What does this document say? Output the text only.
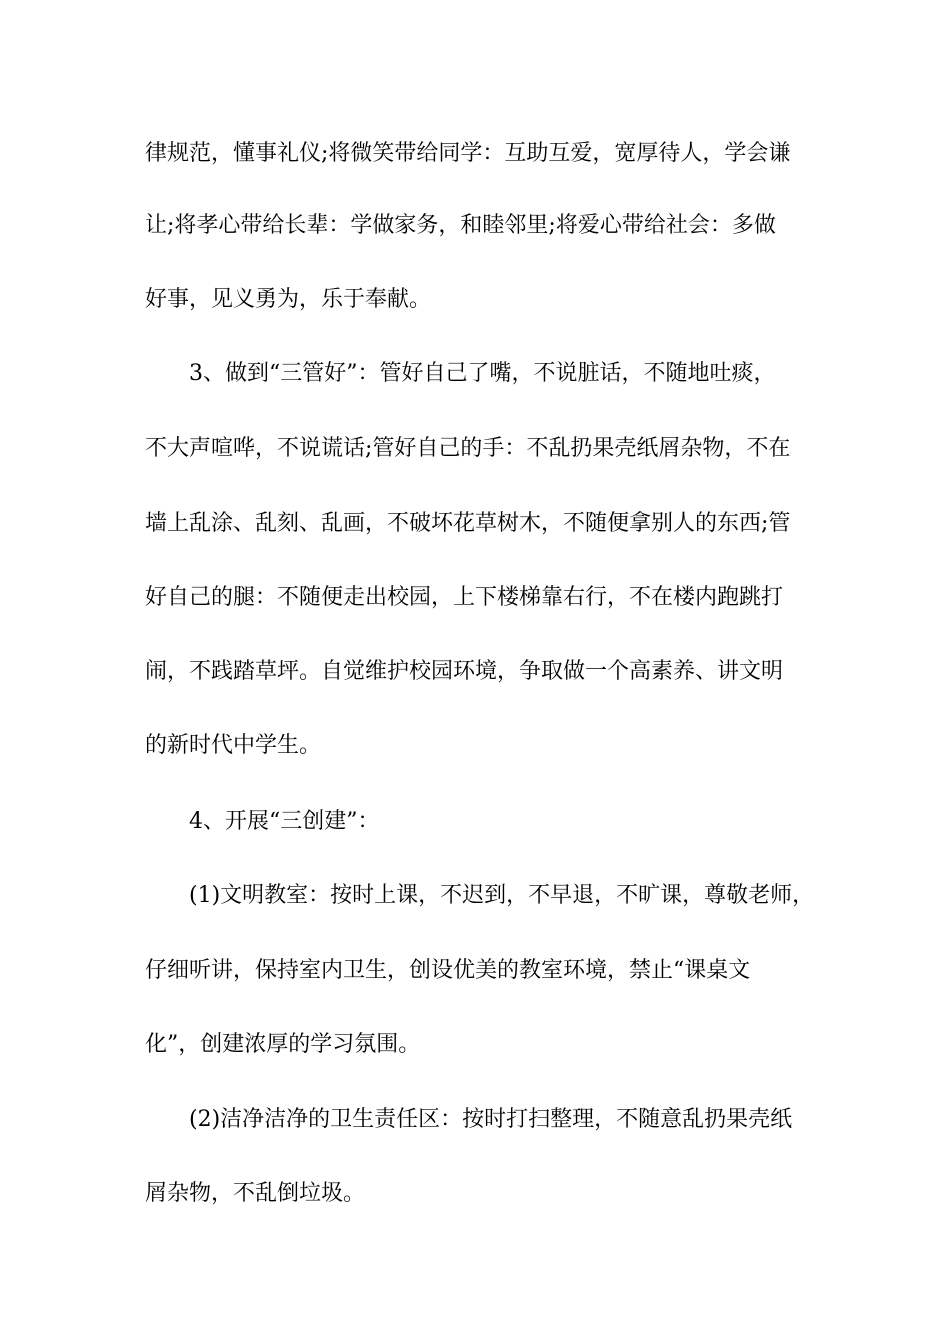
律规范，懂事礼仪;将微笑带给同学：互助互爱，宽厚待人，学会谦

让;将孝心带给长辈：学做家务，和睦邻里;将爱心带给社会：多做

好事，见义勇为，乐于奉献。

3、做到“三管好”：管好自己了嘴，不说脏话，不随地吐痰，

不大声喧哗，不说谎话;管好自己的手：不乱扔果壳纸屑杂物，不在

墙上乱涂、乱刻、乱画，不破坏花草树木，不随便拿别人的东西;管

好自己的腿：不随便走出校园，上下楼梯靠右行，不在楼内跑跳打

闹，不践踏草坪。自觉维护校园环境，争取做一个高素养、讲文明

的新时代中学生。

4、开展“三创建”：

(1)文明教室：按时上课，不迟到，不早退，不旷课，尊敬老师，

仔细听讲，保持室内卫生，创设优美的教室环境，禁止“课桌文

化”，创建浓厚的学习氛围。

(2)洁净洁净的卫生责任区：按时打扫整理，不随意乱扔果壳纸

屑杂物，不乱倒垃圾。
